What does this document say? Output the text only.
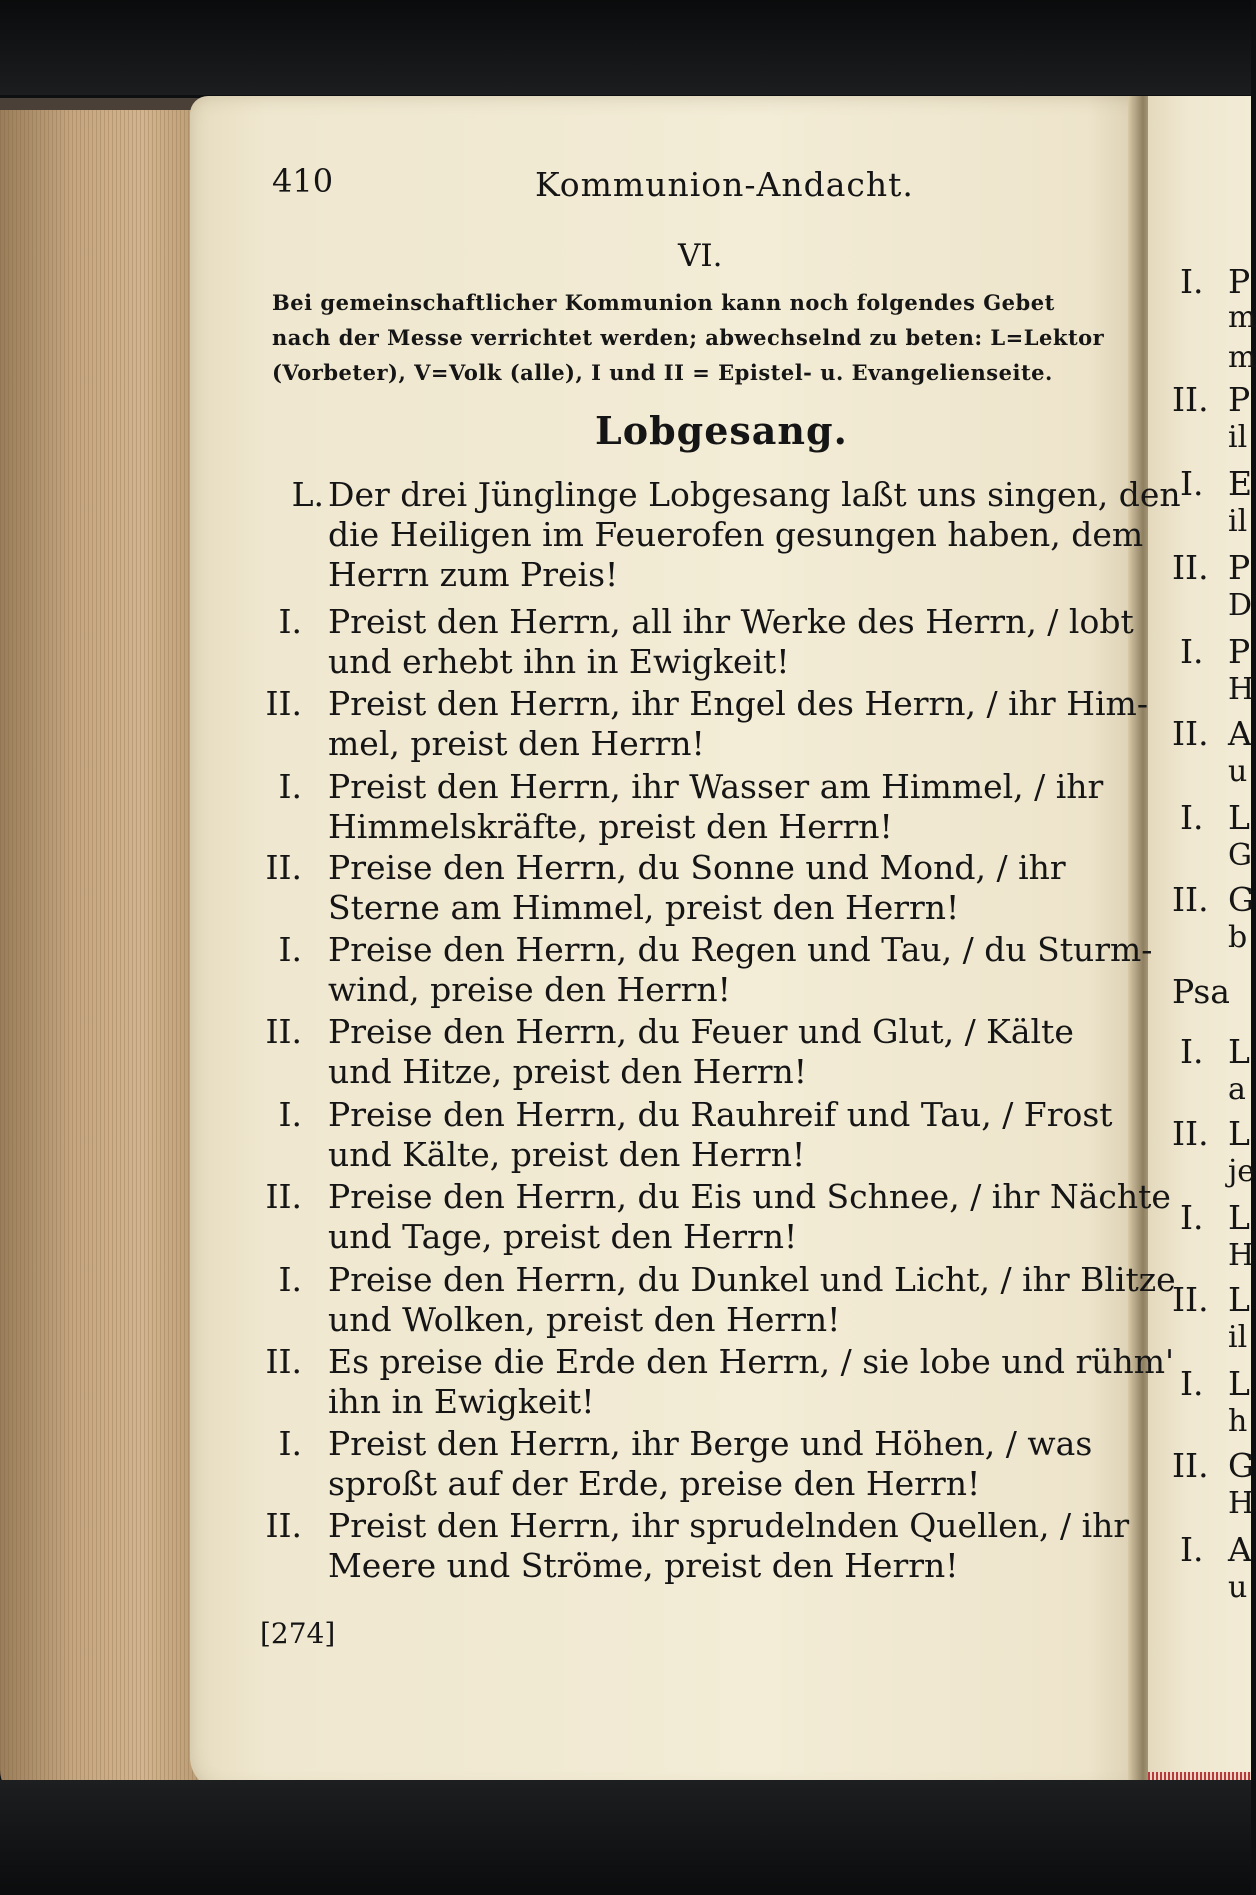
410	Kommunion-Andacht.
VI.
Bei gemeinschaftlicher Kommunion kann noch folgendes Gebet
nach der Messe verrichtet werden; abwechselnd zu beten: L=Lektor
(Vorbeter), V=Volk (alle), I und II = Epistel- u. Evangelienseite.
Lobgesang.
L. Der drei Jünglinge Lobgesang laßt uns singen, den
die Heiligen im Feuerofen gesungen haben, dem
Herrn zum Preis!
I. Preist den Herrn, all ihr Werke des Herrn, / lobt
und erhebt ihn in Ewigkeit!
II. Preist den Herrn, ihr Engel des Herrn, / ihr Him-
mel, preist den Herrn!
I. Preist den Herrn, ihr Wasser am Himmel, / ihr
Himmelskräfte, preist den Herrn!
II. Preise den Herrn, du Sonne und Mond, / ihr
Sterne am Himmel, preist den Herrn!
I. Preise den Herrn, du Regen und Tau, / du Sturm-
wind, preise den Herrn!
II. Preise den Herrn, du Feuer und Glut, / Kälte
und Hitze, preist den Herrn!
I. Preise den Herrn, du Rauhreif und Tau, / Frost
und Kälte, preist den Herrn!
II. Preise den Herrn, du Eis und Schnee, / ihr Nächte
und Tage, preist den Herrn!
I. Preise den Herrn, du Dunkel und Licht, / ihr Blitze
und Wolken, preist den Herrn!
II. Es preise die Erde den Herrn, / sie lobe und rühm'
ihn in Ewigkeit!
I. Preist den Herrn, ihr Berge und Höhen, / was
sproßt auf der Erde, preise den Herrn!
II. Preist den Herrn, ihr sprudelnden Quellen, / ihr
Meere und Ströme, preist den Herrn!
[274]
I. P
m
m
II. P
il
I. E
il
II. P
D
I. P
H
II. A
u
I. L
G
II. G
b
Psa
I. L
a
II. L
je
I. L
H
II. L
il
I. L
h
II. G
H
I. A
u
